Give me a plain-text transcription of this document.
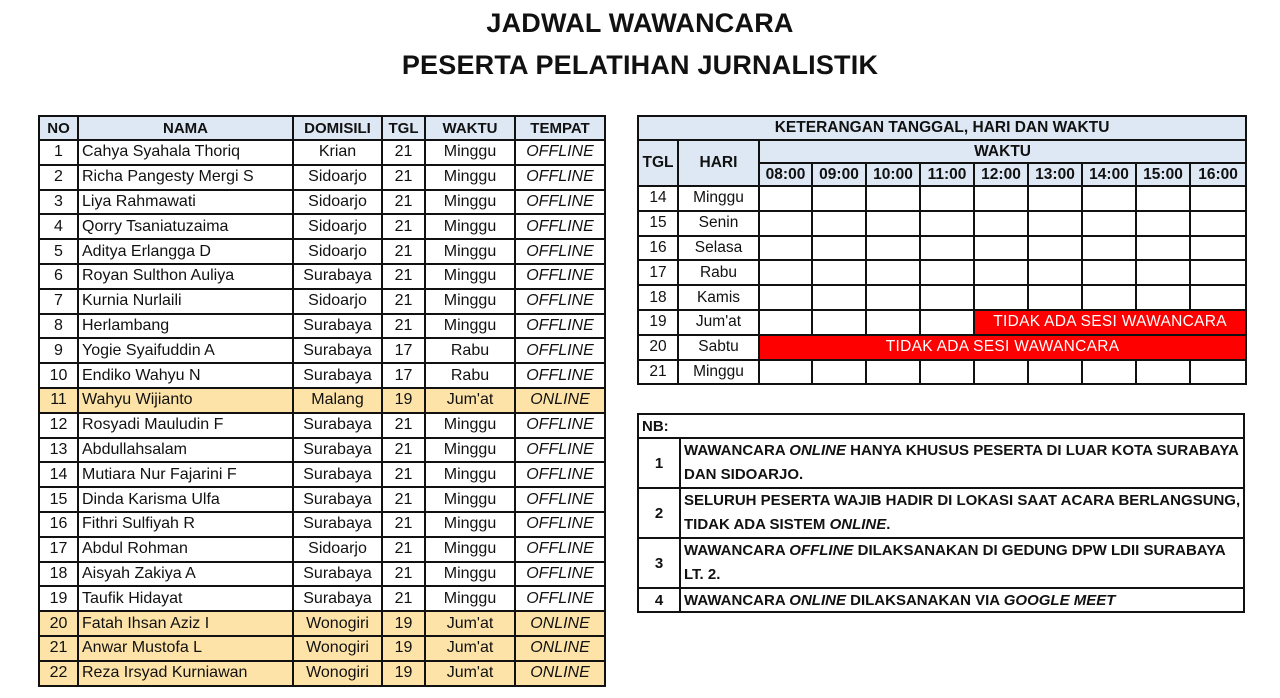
JADWAL WAWANCARA
PESERTA PELATIHAN JURNALISTIK
NO	NAMA	DOMISILI	TGL	WAKTU	TEMPAT
1	Cahya Syahala Thoriq	Krian	21	Minggu	OFFLINE
2	Richa Pangesty Mergi S	Sidoarjo	21	Minggu	OFFLINE
3	Liya Rahmawati	Sidoarjo	21	Minggu	OFFLINE
4	Qorry Tsaniatuzaima	Sidoarjo	21	Minggu	OFFLINE
5	Aditya Erlangga D	Sidoarjo	21	Minggu	OFFLINE
6	Royan Sulthon Auliya	Surabaya	21	Minggu	OFFLINE
7	Kurnia Nurlaili	Sidoarjo	21	Minggu	OFFLINE
8	Herlambang	Surabaya	21	Minggu	OFFLINE
9	Yogie Syaifuddin A	Surabaya	17	Rabu	OFFLINE
10	Endiko Wahyu N	Surabaya	17	Rabu	OFFLINE
11	Wahyu Wijianto	Malang	19	Jum'at	ONLINE
12	Rosyadi Mauludin F	Surabaya	21	Minggu	OFFLINE
13	Abdullahsalam	Surabaya	21	Minggu	OFFLINE
14	Mutiara Nur Fajarini F	Surabaya	21	Minggu	OFFLINE
15	Dinda Karisma Ulfa	Surabaya	21	Minggu	OFFLINE
16	Fithri Sulfiyah R	Surabaya	21	Minggu	OFFLINE
17	Abdul Rohman	Sidoarjo	21	Minggu	OFFLINE
18	Aisyah Zakiya A	Surabaya	21	Minggu	OFFLINE
19	Taufik Hidayat	Surabaya	21	Minggu	OFFLINE
20	Fatah Ihsan Aziz I	Wonogiri	19	Jum'at	ONLINE
21	Anwar Mustofa L	Wonogiri	19	Jum'at	ONLINE
22	Reza Irsyad Kurniawan	Wonogiri	19	Jum'at	ONLINE
KETERANGAN TANGGAL, HARI DAN WAKTU										
TGL	HARI	WAKTU								
		08:00	09:00	10:00	11:00	12:00	13:00	14:00	15:00	16:00
14	Minggu									
15	Senin									
16	Selasa									
17	Rabu									
18	Kamis									
19	Jum'at					TIDAK ADA SESI WAWANCARA				
20	Sabtu	TIDAK ADA SESI WAWANCARA								
21	Minggu									
NB:	
1	WAWANCARA ONLINE HANYA KHUSUS PESERTA DI LUAR KOTA SURABAYA DAN SIDOARJO.
2	SELURUH PESERTA WAJIB HADIR DI LOKASI SAAT ACARA BERLANGSUNG, TIDAK ADA SISTEM ONLINE.
3	WAWANCARA OFFLINE DILAKSANAKAN DI GEDUNG DPW LDII SURABAYA LT. 2.
4	WAWANCARA ONLINE DILAKSANAKAN VIA GOOGLE MEET
